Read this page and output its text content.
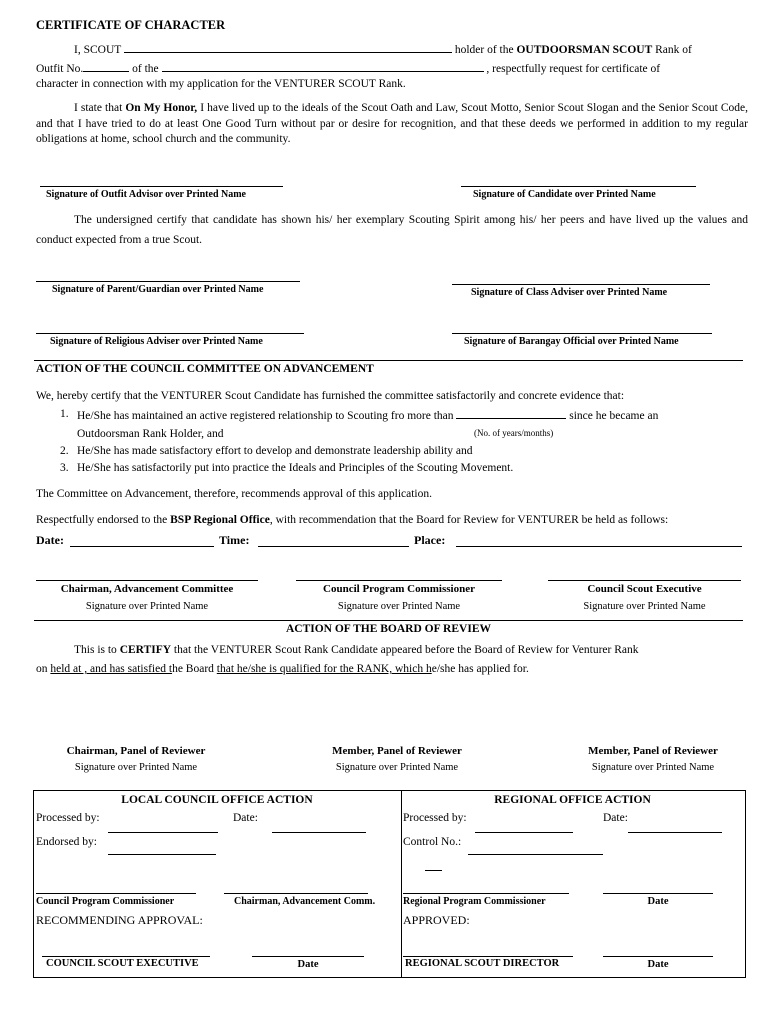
CERTIFICATE OF CHARACTER
I, SCOUT	holder of the OUTDOORSMAN SCOUT Rank of
Outfit No.	of the	, respectfully request for certificate of
character in connection with my application for the VENTURER SCOUT Rank.
I state that On My Honor, I have lived up to the ideals of the Scout Oath and Law, Scout Motto, Senior Scout Slogan and the Senior Scout Code, and that I have tried to do at least One Good Turn without par or desire for recognition, and that these deeds we performed in addition to my regular obligations at home, school church and the community.
Signature of Outfit Advisor over Printed Name	Signature of Candidate over Printed Name
The undersigned certify that candidate has shown his/ her exemplary Scouting Spirit among his/ her peers and have lived up the values and conduct expected from a true Scout.
Signature of Parent/Guardian over Printed Name	Signature of Class Adviser over Printed Name
Signature of Religious Adviser over Printed Name	Signature of Barangay Official over Printed Name
ACTION OF THE COUNCIL COMMITTEE ON ADVANCEMENT
We, hereby certify that the VENTURER Scout Candidate has furnished the committee satisfactorily and concrete evidence that:
1. He/She has maintained an active registered relationship to Scouting fro more than	since he became an
Outdoorsman Rank Holder, and	(No. of years/months)
2. He/She has made satisfactory effort to develop and demonstrate leadership ability and
3. He/She has satisfactorily put into practice the Ideals and Principles of the Scouting Movement.
The Committee on Advancement, therefore, recommends approval of this application.
Respectfully endorsed to the BSP Regional Office, with recommendation that the Board for Review for VENTURER be held as follows:
Date:	Time:	Place:
Chairman, Advancement Committee
Signature over Printed Name
Council Program Commissioner
Signature over Printed Name
Council Scout Executive
Signature over Printed Name
ACTION OF THE BOARD OF REVIEW
This is to CERTIFY that the VENTURER Scout Rank Candidate appeared before the Board of Review for Venturer Rank
on held at , and has satisfied the Board that he/she is qualified for the RANK, which he/she has applied for.
Chairman, Panel of Reviewer
Signature over Printed Name
Member, Panel of Reviewer
Signature over Printed Name
Member, Panel of Reviewer
Signature over Printed Name
LOCAL COUNCIL OFFICE ACTION
Processed by:	Date:
Endorsed by:
Council Program Commissioner	Chairman, Advancement Comm.
RECOMMENDING APPROVAL:
COUNCIL SCOUT EXECUTIVE	Date
REGIONAL OFFICE ACTION
Processed by:	Date:
Control No.:
Regional Program Commissioner	Date
APPROVED:
REGIONAL SCOUT DIRECTOR	Date
